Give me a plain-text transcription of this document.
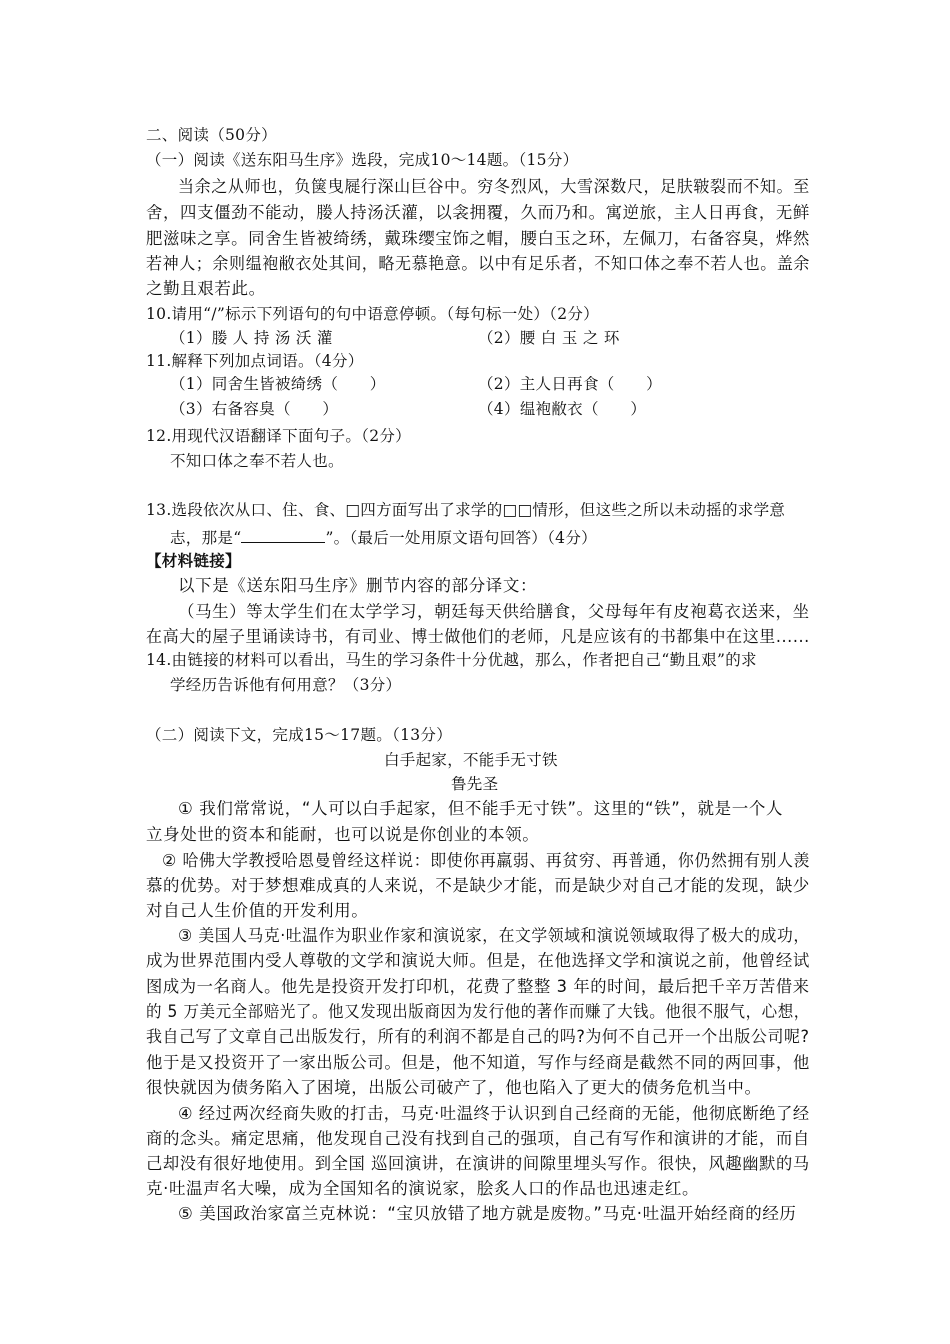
二、阅读（50分）
（一）阅读《送东阳马生序》选段，完成10～14题。（15分）
当余之从师也，负箧曳屣行深山巨谷中。穷冬烈风，大雪深数尺，足肤皲裂而不知。至
舍，四支僵劲不能动，媵人持汤沃灌，以衾拥覆，久而乃和。寓逆旅，主人日再食，无鲜
肥滋味之享。同舍生皆被绮绣，戴珠缨宝饰之帽，腰白玉之环，左佩刀，右备容臭，烨然
若神人；余则缊袍敝衣处其间，略无慕艳意。以中有足乐者，不知口体之奉不若人也。盖余
之勤且艰若此。
10.请用“/”标示下列语句的句中语意停顿。（每句标一处）（2分）
（1）媵 人 持 汤 沃 灌	（2）腰 白 玉 之 环
11.解释下列加点词语。（4分）
（1）同舍生皆被绮绣（　　）	（2）主人日再食（　　）
（3）右备容臭（　　）	（4）缊袍敝衣（　　）
12.用现代汉语翻译下面句子。（2分）
不知口体之奉不若人也。
13.选段依次从口、住、食、□四方面写出了求学的□□情形，但这些之所以未动摇的求学意
志，那是“	”。（最后一处用原文语句回答）（4分）
【材料链接】
以下是《送东阳马生序》删节内容的部分译文：
（马生）等太学生们在太学学习，朝廷每天供给膳食，父母每年有皮袍葛衣送来，坐
在高大的屋子里诵读诗书，有司业、博士做他们的老师，凡是应该有的书都集中在这里......
14.由链接的材料可以看出，马生的学习条件十分优越，那么，作者把自己“勤且艰”的求
学经历告诉他有何用意？（3分）
（二）阅读下文，完成15～17题。（13分）
白手起家，不能手无寸铁
鲁先圣
① 我们常常说，“人可以白手起家，但不能手无寸铁”。这里的“铁”，就是一个人
立身处世的资本和能耐，也可以说是你创业的本领。
② 哈佛大学教授哈恩曼曾经这样说：即使你再羸弱、再贫穷、再普通，你仍然拥有别人羡
慕的优势。对于梦想难成真的人来说，不是缺少才能，而是缺少对自己才能的发现，缺少
对自己人生价值的开发利用。
③ 美国人马克·吐温作为职业作家和演说家，在文学领域和演说领域取得了极大的成功，
成为世界范围内受人尊敬的文学和演说大师。但是，在他选择文学和演说之前，他曾经试
图成为一名商人。他先是投资开发打印机，花费了整整 3 年的时间，最后把千辛万苦借来
的 5 万美元全部赔光了。他又发现出版商因为发行他的著作而赚了大钱。他很不服气，心想，
我自己写了文章自己出版发行，所有的利润不都是自己的吗?为何不自己开一个出版公司呢?
他于是又投资开了一家出版公司。但是，他不知道，写作与经商是截然不同的两回事，他
很快就因为债务陷入了困境，出版公司破产了，他也陷入了更大的债务危机当中。
④ 经过两次经商失败的打击，马克·吐温终于认识到自己经商的无能，他彻底断绝了经
商的念头。痛定思痛，他发现自己没有找到自己的强项，自己有写作和演讲的才能，而自
己却没有很好地使用。到全国 巡回演讲，在演讲的间隙里埋头写作。很快，风趣幽默的马
克·吐温声名大噪，成为全国知名的演说家，脍炙人口的作品也迅速走红。
⑤ 美国政治家富兰克林说：“宝贝放错了地方就是废物。”马克·吐温开始经商的经历
